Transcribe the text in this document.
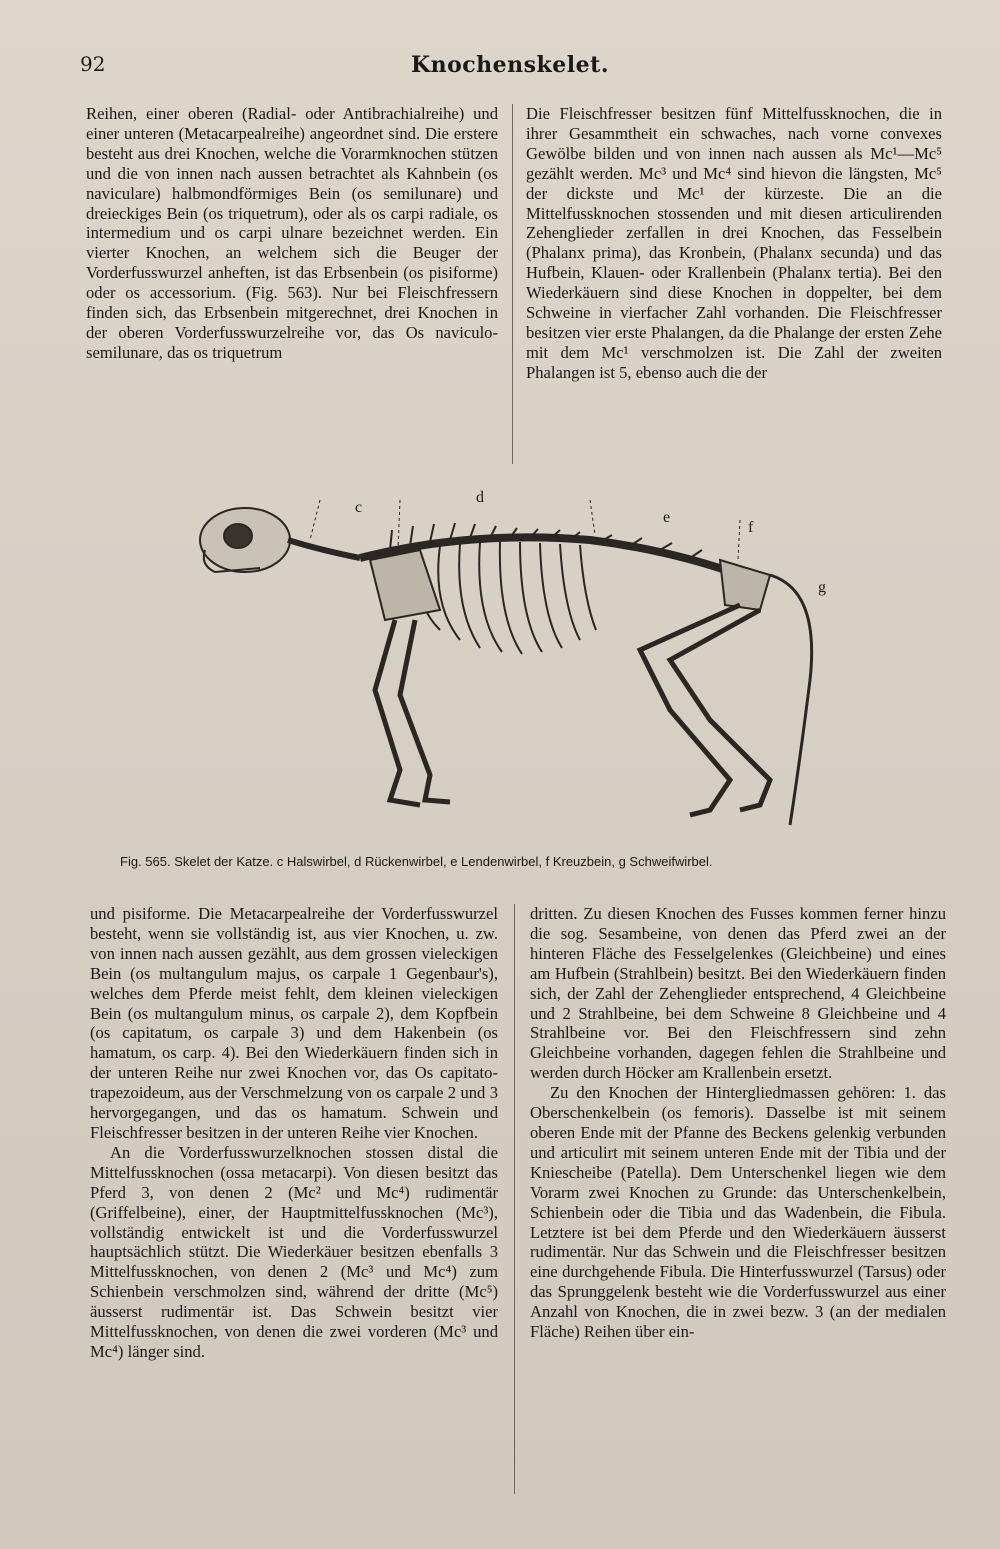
92	Knochenskelet.

Reihen, einer oberen (Radial- oder Antibrachialreihe) und einer unteren (Metacarpealreihe) angeordnet sind. Die erstere besteht aus drei Knochen, welche die Vorarmknochen stützen und die von innen nach aussen betrachtet als Kahnbein (os naviculare) halbmondförmiges Bein (os semilunare) und dreieckiges Bein (os triquetrum), oder als os carpi radiale, os intermedium und os carpi ulnare bezeichnet werden. Ein vierter Knochen, an welchem sich die Beuger der Vorderfusswurzel anheften, ist das Erbsenbein (os pisiforme) oder os accessorium. (Fig. 563). Nur bei Fleischfressern finden sich, das Erbsenbein mitgerechnet, drei Knochen in der oberen Vorderfusswurzelreihe vor, das Os naviculo-semilunare, das os triquetrum

Die Fleischfresser besitzen fünf Mittelfussknochen, die in ihrer Gesammtheit ein schwaches, nach vorne convexes Gewölbe bilden und von innen nach aussen als Mc¹—Mc⁵ gezählt werden. Mc³ und Mc⁴ sind hievon die längsten, Mc⁵ der dickste und Mc¹ der kürzeste. Die an die Mittelfussknochen stossenden und mit diesen articulirenden Zehenglieder zerfallen in drei Knochen, das Fesselbein (Phalanx prima), das Kronbein, (Phalanx secunda) und das Hufbein, Klauen- oder Krallenbein (Phalanx tertia). Bei den Wiederkäuern sind diese Knochen in doppelter, bei dem Schweine in vierfacher Zahl vorhanden. Die Fleischfresser besitzen vier erste Phalangen, da die Phalange der ersten Zehe mit dem Mc¹ verschmolzen ist. Die Zahl der zweiten Phalangen ist 5, ebenso auch die der

c
d
e
f
g
Fig. 565. Skelet der Katze. c Halswirbel, d Rückenwirbel, e Lendenwirbel, f Kreuzbein, g Schweifwirbel.

und pisiforme. Die Metacarpealreihe der Vorderfusswurzel besteht, wenn sie vollständig ist, aus vier Knochen, u. zw. von innen nach aussen gezählt, aus dem grossen vieleckigen Bein (os multangulum majus, os carpale 1 Gegenbaur's), welches dem Pferde meist fehlt, dem kleinen vieleckigen Bein (os multangulum minus, os carpale 2), dem Kopfbein (os capitatum, os carpale 3) und dem Hakenbein (os hamatum, os carp. 4). Bei den Wiederkäuern finden sich in der unteren Reihe nur zwei Knochen vor, das Os capitato-trapezoideum, aus der Verschmelzung von os carpale 2 und 3 hervorgegangen, und das os hamatum. Schwein und Fleischfresser besitzen in der unteren Reihe vier Knochen.

An die Vorderfusswurzelknochen stossen distal die Mittelfussknochen (ossa metacarpi). Von diesen besitzt das Pferd 3, von denen 2 (Mc² und Mc⁴) rudimentär (Griffelbeine), einer, der Hauptmittelfussknochen (Mc³), vollständig entwickelt ist und die Vorderfusswurzel hauptsächlich stützt. Die Wiederkäuer besitzen ebenfalls 3 Mittelfussknochen, von denen 2 (Mc³ und Mc⁴) zum Schienbein verschmolzen sind, während der dritte (Mc⁵) äusserst rudimentär ist. Das Schwein besitzt vier Mittelfussknochen, von denen die zwei vorderen (Mc³ und Mc⁴) länger sind.

dritten. Zu diesen Knochen des Fusses kommen ferner hinzu die sog. Sesambeine, von denen das Pferd zwei an der hinteren Fläche des Fesselgelenkes (Gleichbeine) und eines am Hufbein (Strahlbein) besitzt. Bei den Wiederkäuern finden sich, der Zahl der Zehenglieder entsprechend, 4 Gleichbeine und 2 Strahlbeine, bei dem Schweine 8 Gleichbeine und 4 Strahlbeine vor. Bei den Fleischfressern sind zehn Gleichbeine vorhanden, dagegen fehlen die Strahlbeine und werden durch Höcker am Krallenbein ersetzt.

Zu den Knochen der Hintergliedmassen gehören: 1. das Oberschenkelbein (os femoris). Dasselbe ist mit seinem oberen Ende mit der Pfanne des Beckens gelenkig verbunden und articulirt mit seinem unteren Ende mit der Tibia und der Kniescheibe (Patella). Dem Unterschenkel liegen wie dem Vorarm zwei Knochen zu Grunde: das Unterschenkelbein, Schienbein oder die Tibia und das Wadenbein, die Fibula. Letztere ist bei dem Pferde und den Wiederkäuern äusserst rudimentär. Nur das Schwein und die Fleischfresser besitzen eine durchgehende Fibula. Die Hinterfusswurzel (Tarsus) oder das Sprunggelenk besteht wie die Vorderfusswurzel aus einer Anzahl von Knochen, die in zwei bezw. 3 (an der medialen Fläche) Reihen über ein-
